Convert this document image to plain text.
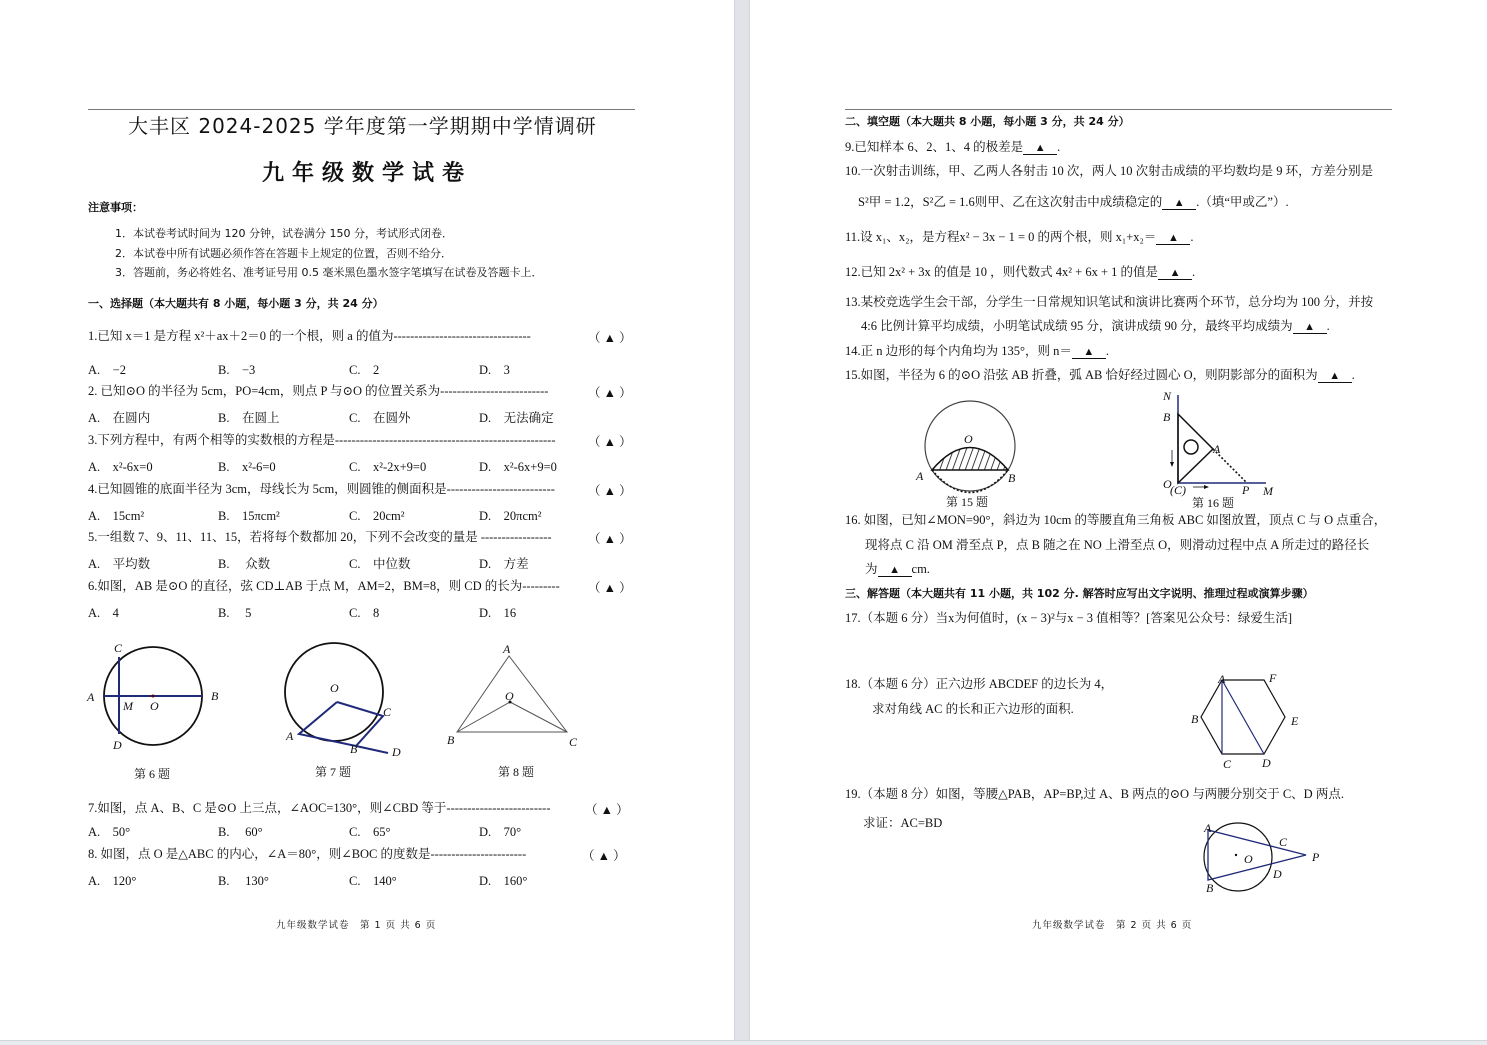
大丰区 2024-2025 学年度第一学期期中学情调研
九年级数学试卷
注意事项：
1．本试卷考试时间为 120 分钟，试卷满分 150 分，考试形式闭卷．
2．本试卷中所有试题必须作答在答题卡上规定的位置，否则不给分．
3．答题前，务必将姓名、准考证号用 0.5 毫米黑色墨水签字笔填写在试卷及答题卡上．
一、选择题（本大题共有 8 小题，每小题 3 分，共 24 分）
1.已知 x＝1 是方程 x²＋ax＋2＝0 的一个根，则 a 的值为---------------------------------	（ ▲ ）
A.　−2	B.　−3	C.　2	D.　3
2. 已知⊙O 的半径为 5cm，PO=4cm，则点 P 与⊙O 的位置关系为--------------------------	（ ▲ ）
A.　在圆内	B.　在圆上	C.　在圆外	D.　无法确定
3.下列方程中，有两个相等的实数根的方程是-----------------------------------------------------	（ ▲ ）
A.　x²-6x=0	B.　x²-6=0	C.　x²-2x+9=0	D.　x²-6x+9=0
4.已知圆锥的底面半径为 3cm，母线长为 5cm，则圆锥的侧面积是--------------------------	（ ▲ ）
A.　15cm²	B.　15πcm²	C.　20cm²	D.　20πcm²
5.一组数 7、9、11、11、15，若将每个数都加 20，下列不会改变的量是 -----------------	（ ▲ ）
A.　平均数	B.　 众数	C.　中位数	D.　方差
6.如图，AB 是⊙O 的直径，弦 CD⊥AB 于点 M，AM=2，BM=8，则 CD 的长为--------- （ ▲ ）
A.　4	B.　 5	C.　8	D.　16
C
A
M O
B
D
第 6 题
O
C
A
B	D
第 7 题
A
O
B	C
第 8 题
7.如图，点 A、B、C 是⊙O 上三点，∠AOC=130°，则∠CBD 等于-------------------------	（ ▲ ）
A.　50°	B.　 60°	C.　65°	D.　70°
8. 如图，点 O 是△ABC 的内心，∠A＝80°，则∠BOC 的度数是-----------------------	（ ▲ ）
A.　120°	B.　 130°	C.　140°	D.　160°
九年级数学试卷　第 1 页 共 6 页
二、填空题（本大题共 8 小题，每小题 3 分，共 24 分）
9.已知样本 6、2、1、4 的极差是 ▲ .
10.一次射击训练，甲、乙两人各射击 10 次，两人 10 次射击成绩的平均数均是 9 环，方差分别是
S²甲 = 1.2，S²乙 = 1.6则甲、乙在这次射击中成绩稳定的 ▲ .（填“甲或乙”）.
11.设 x₁、x₂，是方程x² − 3x − 1 = 0 的两个根，则 x₁+x₂＝ ▲ .
12.已知 2x² + 3x 的值是 10 ，则代数式 4x² + 6x + 1 的值是 ▲ .
13.某校竞选学生会干部，分学生一日常规知识笔试和演讲比赛两个环节，总分均为 100 分，并按
4:6 比例计算平均成绩，小明笔试成绩 95 分，演讲成绩 90 分，最终平均成绩为 ▲ .
14.正 n 边形的每个内角均为 135°，则 n＝ ▲ .
15.如图，半径为 6 的⊙O 沿弦 AB 折叠，弧 AB 恰好经过圆心 O，则阴影部分的面积为 ▲ .
O
A	B
第 15 题
N
B
A
O
(C)	P M
第 16 题
16. 如图，已知∠MON=90°，斜边为 10cm 的等腰直角三角板 ABC 如图放置，顶点 C 与 O 点重合，
现将点 C 沿 OM 滑至点 P，点 B 随之在 NO 上滑至点 O，则滑动过程中点 A 所走过的路径长
为 ▲ cm.
三、解答题（本大题共有 11 小题，共 102 分. 解答时应写出文字说明、推理过程或演算步骤）
17.（本题 6 分）当x为何值时，(x − 3)²与x − 3 值相等？[答案见公众号：绿爱生活]
18.（本题 6 分）正六边形 ABCDEF 的边长为 4，
求对角线 AC 的长和正六边形的面积.
A	F
B	E
C	D
19.（本题 8 分）如图，等腰△PAB，AP=BP,过 A、B 两点的⊙O 与两腰分别交于 C、D 两点.
求证：AC=BD	A
C
O	P
D
B
九年级数学试卷　第 2 页 共 6 页
